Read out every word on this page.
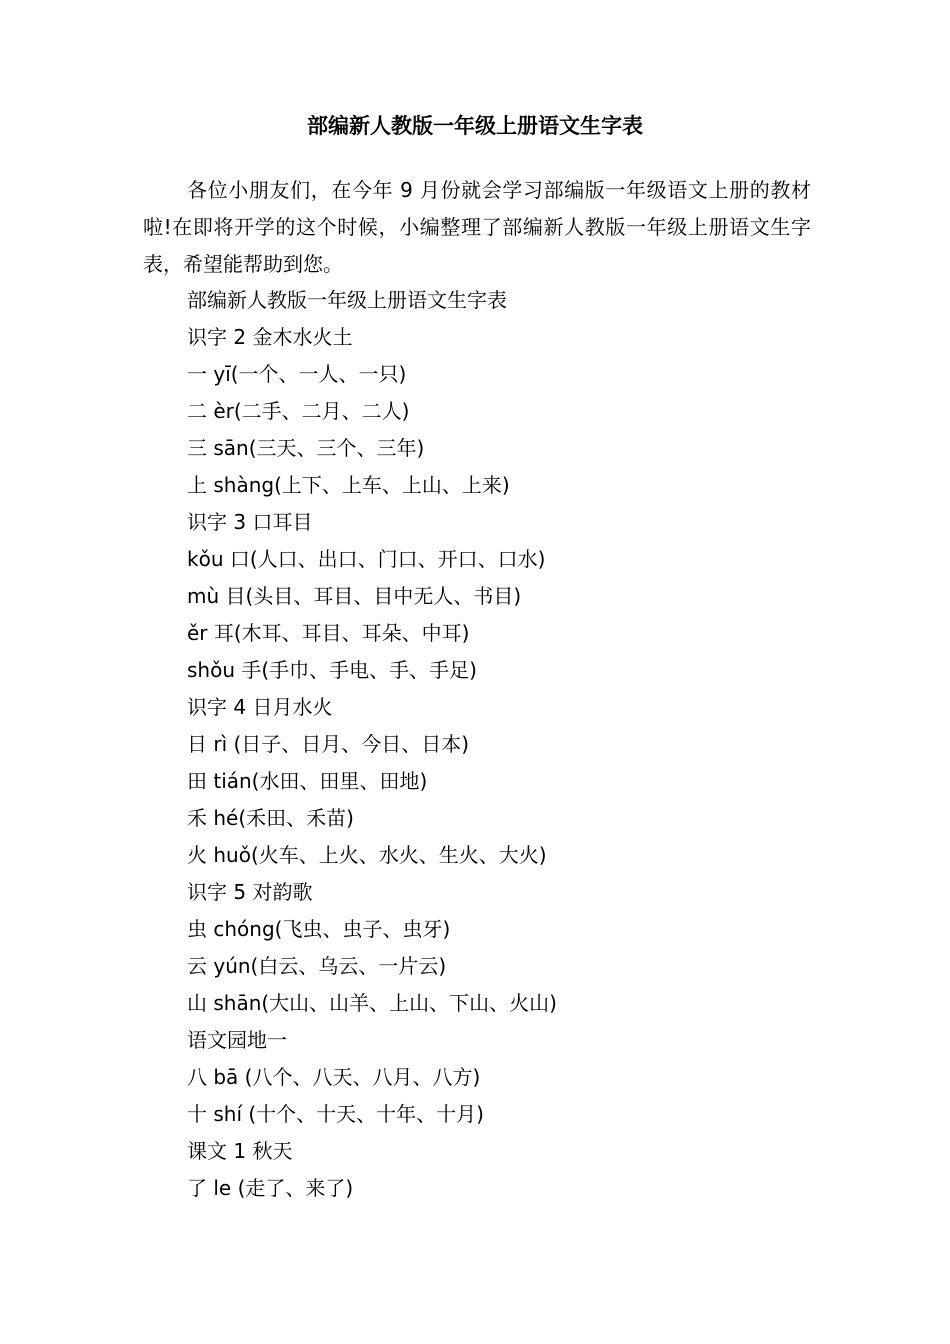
部编新人教版一年级上册语文生字表

各位小朋友们，在今年 9 月份就会学习部编版一年级语文上册的教材啦!在即将开学的这个时候，小编整理了部编新人教版一年级上册语文生字表，希望能帮助到您。

部编新人教版一年级上册语文生字表
识字 2 金木水火土
一 yī(一个、一人、一只)
二 èr(二手、二月、二人)
三 sān(三天、三个、三年)
上 shàng(上下、上车、上山、上来)
识字 3 口耳目
kǒu 口(人口、出口、门口、开口、口水)
mù 目(头目、耳目、目中无人、书目)
ěr 耳(木耳、耳目、耳朵、中耳)
shǒu 手(手巾、手电、手、手足)
识字 4 日月水火
日 rì (日子、日月、今日、日本)
田 tián(水田、田里、田地)
禾 hé(禾田、禾苗)
火 huǒ(火车、上火、水火、生火、大火)
识字 5 对韵歌
虫 chóng(飞虫、虫子、虫牙)
云 yún(白云、乌云、一片云)
山 shān(大山、山羊、上山、下山、火山)
语文园地一
八 bā (八个、八天、八月、八方)
十 shí (十个、十天、十年、十月)
课文 1 秋天
了 le (走了、来了)
